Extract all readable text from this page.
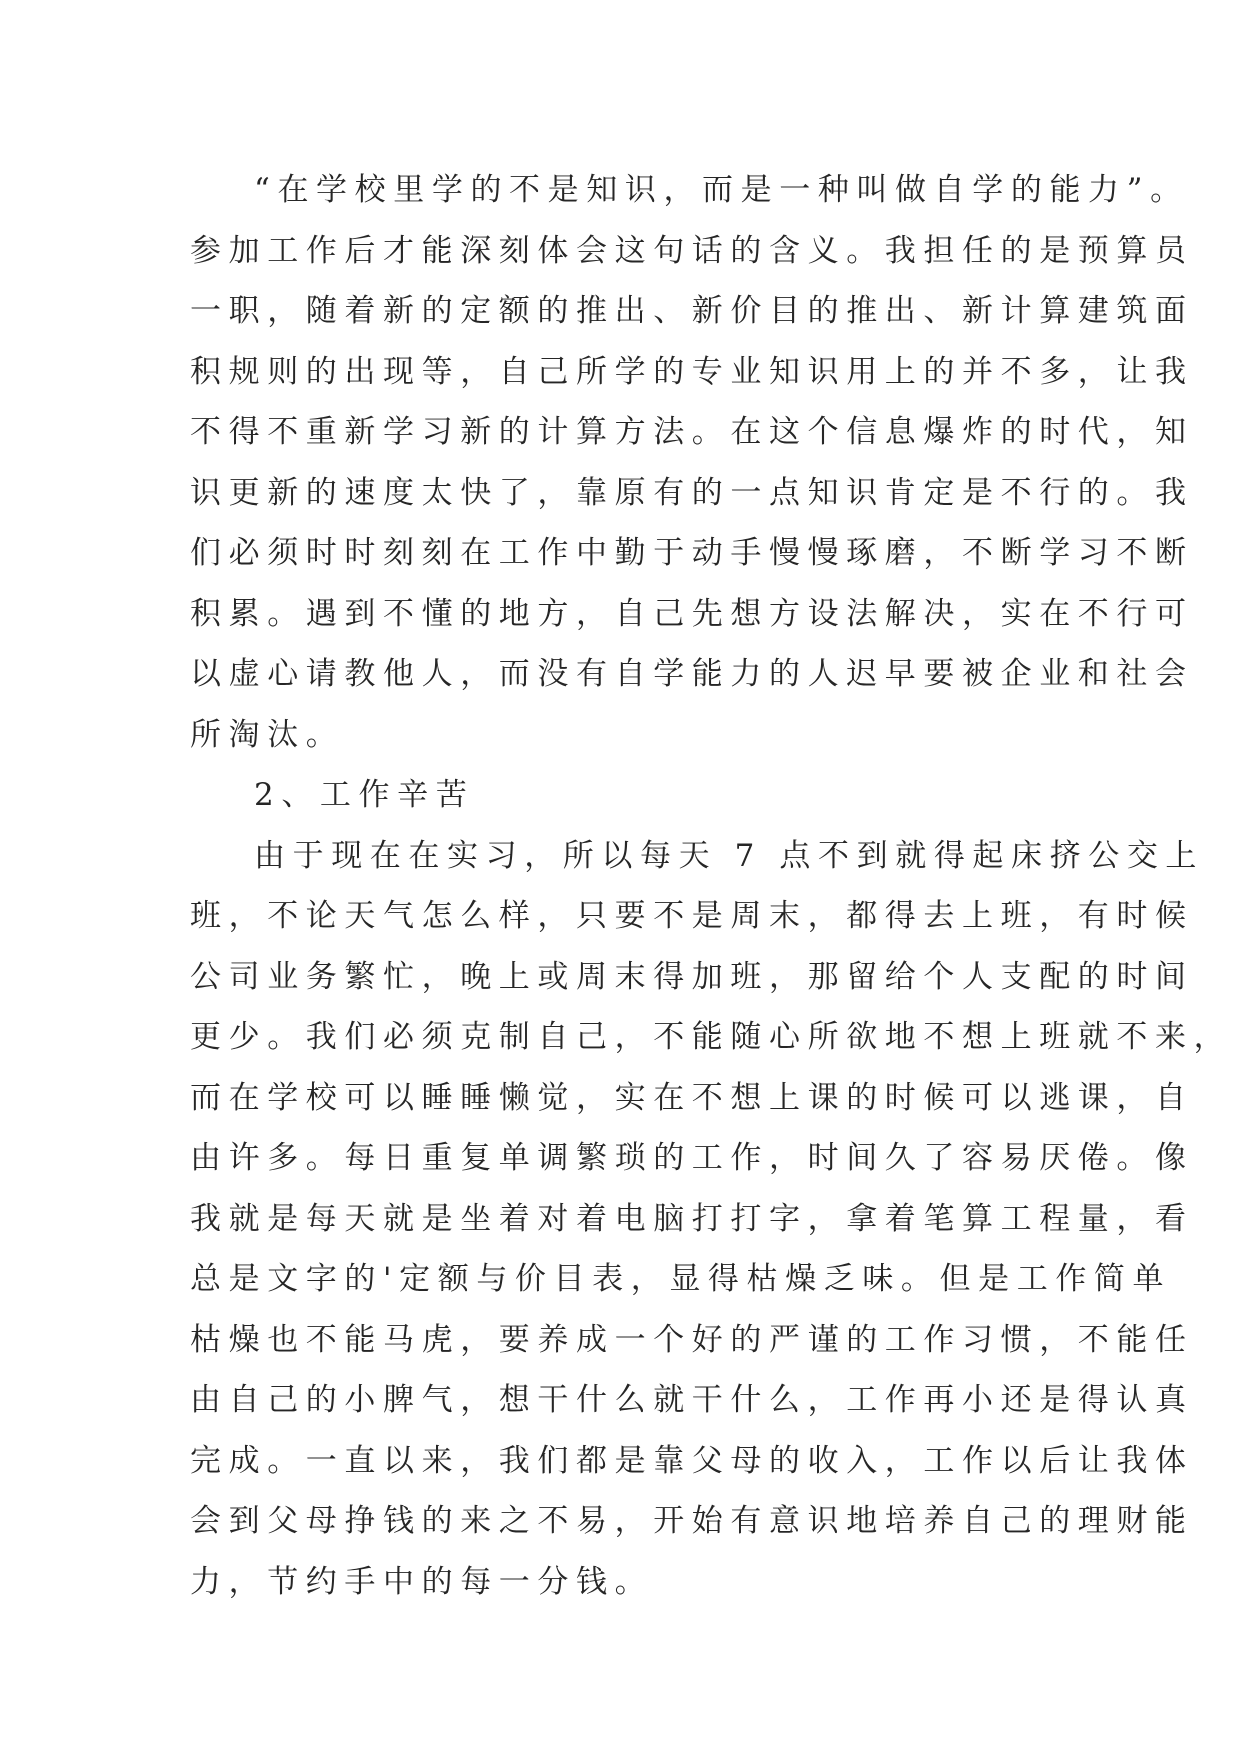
“在学校里学的不是知识，而是一种叫做自学的能力”。
参加工作后才能深刻体会这句话的含义。我担任的是预算员
一职，随着新的定额的推出、新价目的推出、新计算建筑面
积规则的出现等，自己所学的专业知识用上的并不多，让我
不得不重新学习新的计算方法。在这个信息爆炸的时代，知
识更新的速度太快了，靠原有的一点知识肯定是不行的。我
们必须时时刻刻在工作中勤于动手慢慢琢磨，不断学习不断
积累。遇到不懂的地方，自己先想方设法解决，实在不行可
以虚心请教他人，而没有自学能力的人迟早要被企业和社会
所淘汰。
2、工作辛苦
由于现在在实习，所以每天 7 点不到就得起床挤公交上
班，不论天气怎么样，只要不是周末，都得去上班，有时候
公司业务繁忙，晚上或周末得加班，那留给个人支配的时间
更少。我们必须克制自己，不能随心所欲地不想上班就不来，
而在学校可以睡睡懒觉，实在不想上课的时候可以逃课，自
由许多。每日重复单调繁琐的工作，时间久了容易厌倦。像
我就是每天就是坐着对着电脑打打字，拿着笔算工程量，看
总是文字的'定额与价目表，显得枯燥乏味。但是工作简单
枯燥也不能马虎，要养成一个好的严谨的工作习惯，不能任
由自己的小脾气，想干什么就干什么，工作再小还是得认真
完成。一直以来，我们都是靠父母的收入，工作以后让我体
会到父母挣钱的来之不易，开始有意识地培养自己的理财能
力，节约手中的每一分钱。
